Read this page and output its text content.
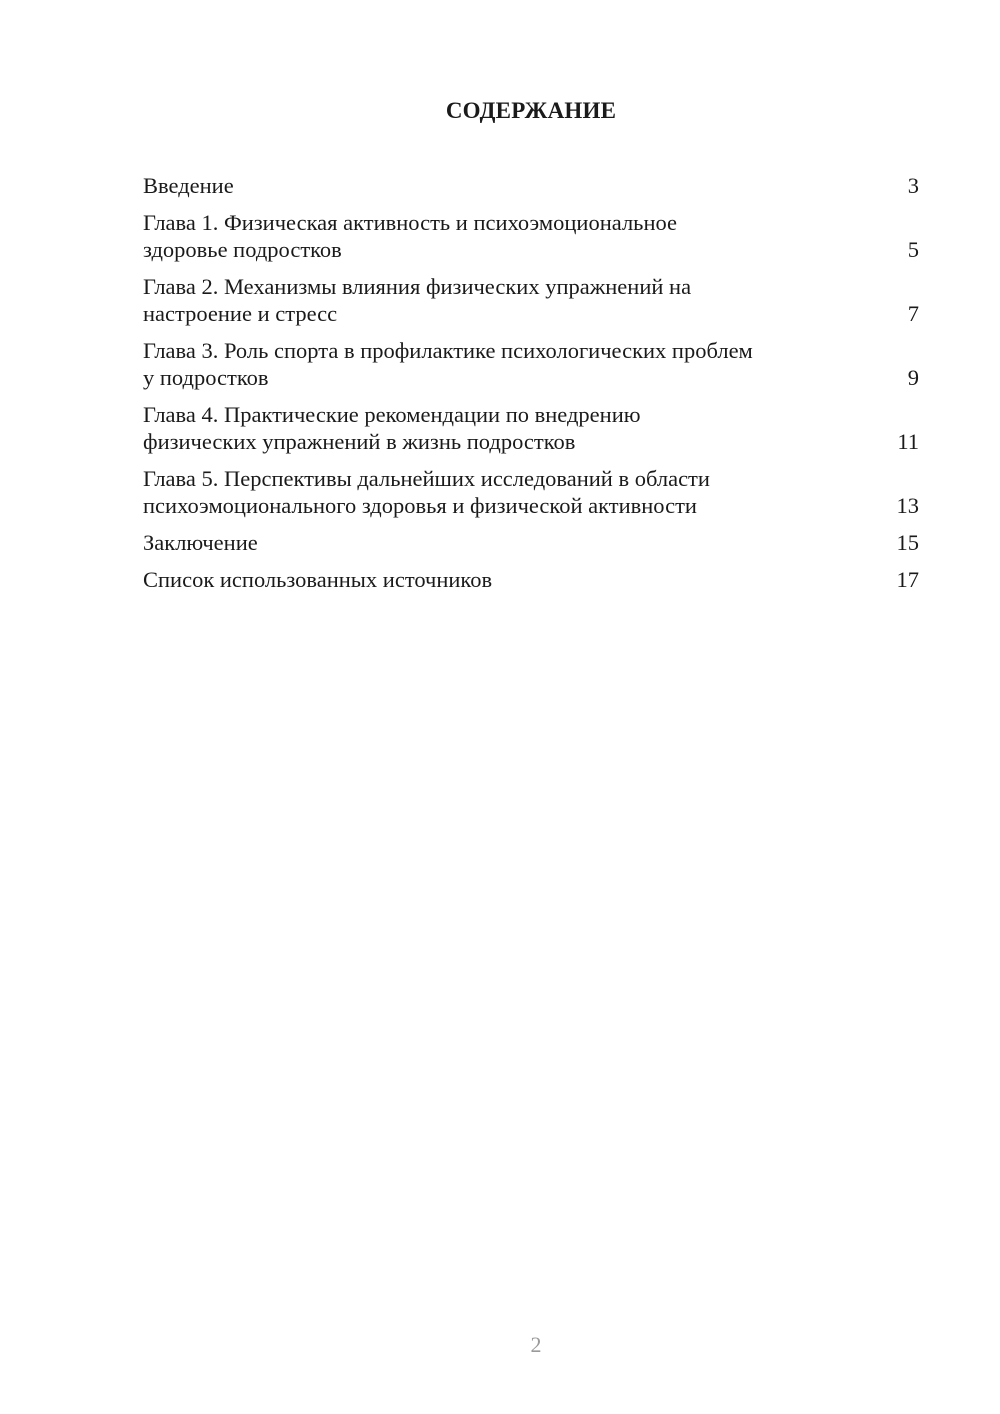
СОДЕРЖАНИЕ
Введение	3
Глава 1. Физическая активность и психоэмоциональное
здоровье подростков	5
Глава 2. Механизмы влияния физических упражнений на
настроение и стресс	7
Глава 3. Роль спорта в профилактике психологических проблем
у подростков	9
Глава 4. Практические рекомендации по внедрению
физических упражнений в жизнь подростков	11
Глава 5. Перспективы дальнейших исследований в области
психоэмоционального здоровья и физической активности	13
Заключение	15
Список использованных источников	17
2
